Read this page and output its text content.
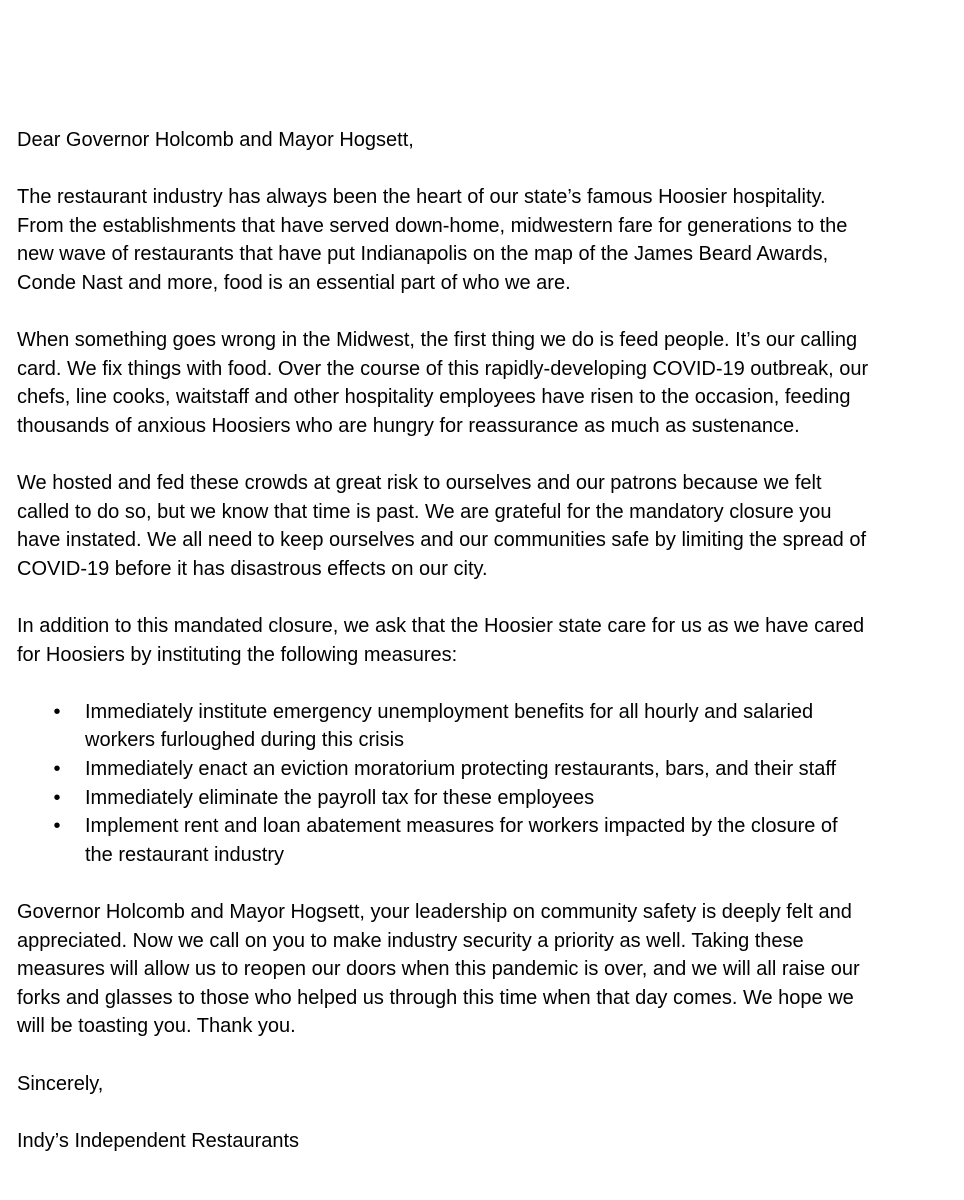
Dear Governor Holcomb and Mayor Hogsett,
The restaurant industry has always been the heart of our state’s famous Hoosier hospitality.
From the establishments that have served down-home, midwestern fare for generations to the
new wave of restaurants that have put Indianapolis on the map of the James Beard Awards,
Conde Nast and more, food is an essential part of who we are.
When something goes wrong in the Midwest, the first thing we do is feed people. It’s our calling
card. We fix things with food. Over the course of this rapidly-developing COVID-19 outbreak, our
chefs, line cooks, waitstaff and other hospitality employees have risen to the occasion, feeding
thousands of anxious Hoosiers who are hungry for reassurance as much as sustenance.
We hosted and fed these crowds at great risk to ourselves and our patrons because we felt
called to do so, but we know that time is past. We are grateful for the mandatory closure you
have instated. We all need to keep ourselves and our communities safe by limiting the spread of
COVID-19 before it has disastrous effects on our city.
In addition to this mandated closure, we ask that the Hoosier state care for us as we have cared
for Hoosiers by instituting the following measures:
• Immediately institute emergency unemployment benefits for all hourly and salaried
workers furloughed during this crisis
• Immediately enact an eviction moratorium protecting restaurants, bars, and their staff
• Immediately eliminate the payroll tax for these employees
• Implement rent and loan abatement measures for workers impacted by the closure of
the restaurant industry
Governor Holcomb and Mayor Hogsett, your leadership on community safety is deeply felt and
appreciated. Now we call on you to make industry security a priority as well. Taking these
measures will allow us to reopen our doors when this pandemic is over, and we will all raise our
forks and glasses to those who helped us through this time when that day comes. We hope we
will be toasting you. Thank you.
Sincerely,
Indy’s Independent Restaurants
